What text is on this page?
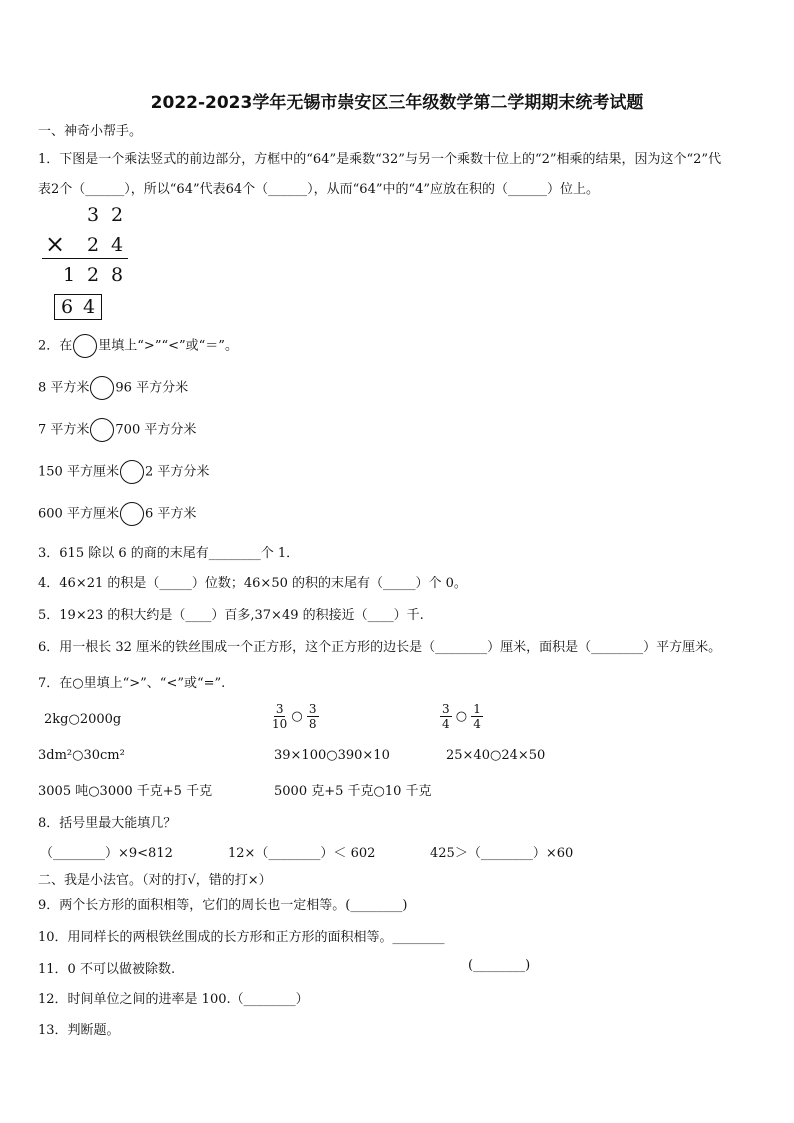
2022-2023学年无锡市崇安区三年级数学第二学期期末统考试题
一、神奇小帮手。
1．下图是一个乘法竖式的前边部分，方框中的“64”是乘数“32”与另一个乘数十位上的“2”相乘的结果，因为这个“2”代
表2个（______），所以“64”代表64个（______），从而“64”中的“4”应放在积的（______）位上。
3 2
× 2 4
1 2 8
6 4
2．在 里填上“>”“<”或“＝”。
8 平方米 96 平方分米
7 平方米 700 平方分米
150 平方厘米 2 平方分米
600 平方厘米 6 平方米
3．615 除以 6 的商的末尾有________个 1．
4．46×21 的积是（_____）位数；46×50 的积的末尾有（_____）个 0。
5．19×23 的积大约是（____）百多,37×49 的积接近（____）千.
6．用一根长 32 厘米的铁丝围成一个正方形，这个正方形的边长是（________）厘米，面积是（________）平方厘米。
7．在○里填上“>”、“<”或“=”.
2kg○2000g	$\frac{3}{10}$ ○ $\frac{3}{8}$	$\frac{3}{4}$ ○ $\frac{1}{4}$
3dm²○30cm²	39×100○390×10	25×40○24×50
3005 吨○3000 千克+5 千克	5000 克+5 千克○10 千克
8．括号里最大能填几？
（________）×9<812	12×（________）＜ 602	425＞（________）×60
二、我是小法官。（对的打√，错的打×）
9．两个长方形的面积相等，它们的周长也一定相等。(________)
10．用同样长的两根铁丝围成的长方形和正方形的面积相等。________
11．0 不可以做被除数.	(________)
12．时间单位之间的进率是 100.（________）
13．判断题。
